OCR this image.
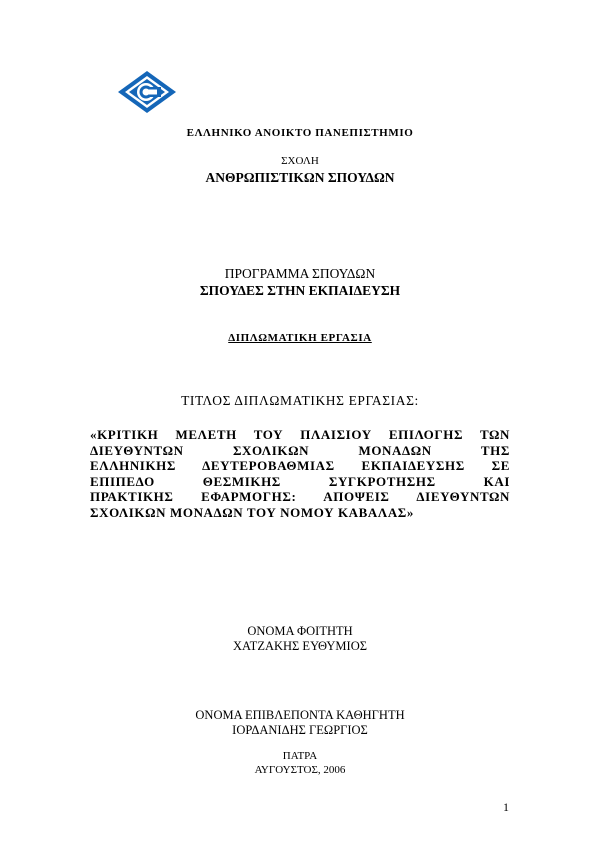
ΕΛΛΗΝΙΚΟ ΑΝΟΙΚΤΟ ΠΑΝΕΠΙΣΤΗΜΙΟ
ΣΧΟΛΗ
ΑΝΘΡΩΠΙΣΤΙΚΩΝ ΣΠΟΥΔΩΝ
ΠΡΟΓΡΑΜΜΑ ΣΠΟΥΔΩΝ
ΣΠΟΥΔΕΣ ΣΤΗΝ ΕΚΠΑΙΔΕΥΣΗ
ΔΙΠΛΩΜΑΤΙΚΗ ΕΡΓΑΣΙΑ
ΤΙΤΛΟΣ ΔΙΠΛΩΜΑΤΙΚΗΣ ΕΡΓΑΣΙΑΣ:
«ΚΡΙΤΙΚΗ ΜΕΛΕΤΗ ΤΟΥ ΠΛΑΙΣΙΟΥ ΕΠΙΛΟΓΗΣ ΤΩΝ
ΔΙΕΥΘΥΝΤΩΝ ΣΧΟΛΙΚΩΝ ΜΟΝΑΔΩΝ ΤΗΣ
ΕΛΛΗΝΙΚΗΣ ΔΕΥΤΕΡΟΒΑΘΜΙΑΣ ΕΚΠΑΙΔΕΥΣΗΣ ΣΕ
ΕΠΙΠΕΔΟ ΘΕΣΜΙΚΗΣ ΣΥΓΚΡΟΤΗΣΗΣ ΚΑΙ
ΠΡΑΚΤΙΚΗΣ ΕΦΑΡΜΟΓΗΣ: ΑΠΟΨΕΙΣ ΔΙΕΥΘΥΝΤΩΝ
ΣΧΟΛΙΚΩΝ ΜΟΝΑΔΩΝ ΤΟΥ ΝΟΜΟΥ ΚΑΒΑΛΑΣ»
ΟΝΟΜΑ ΦΟΙΤΗΤΗ
ΧΑΤΖΑΚΗΣ ΕΥΘΥΜΙΟΣ
ΟΝΟΜΑ ΕΠΙΒΛΕΠΟΝΤΑ ΚΑΘΗΓΗΤΗ
ΙΟΡΔΑΝΙΔΗΣ ΓΕΩΡΓΙΟΣ
ΠΑΤΡΑ
ΑΥΓΟΥΣΤΟΣ, 2006
1
